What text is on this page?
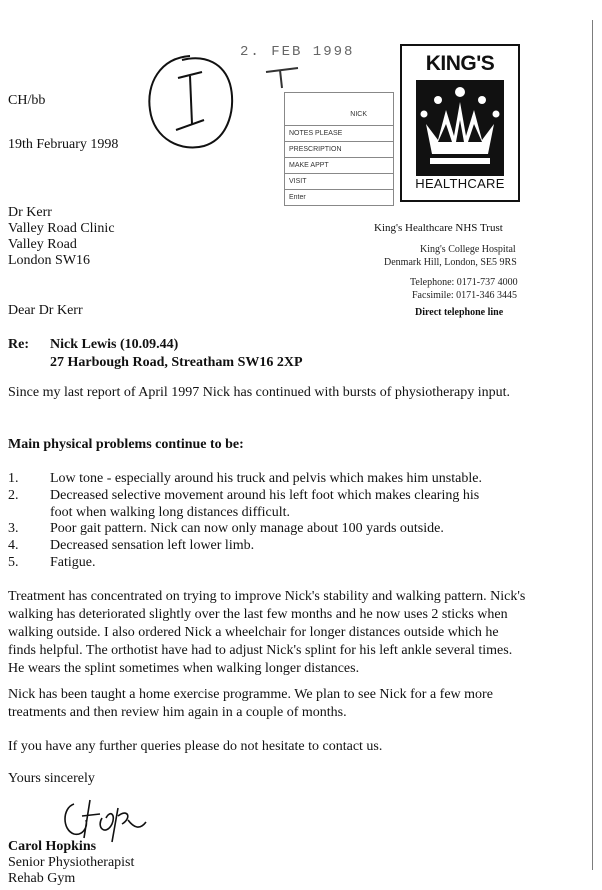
2. FEB 1998
NICK
NOTES PLEASE
PRESCRIPTION
MAKE APPT
VISIT
Enter
KING'S
HEALTHCARE
CH/bb
19th February 1998
Dr Kerr
Valley Road Clinic
Valley Road
London SW16
King's Healthcare NHS Trust
King's College Hospital
Denmark Hill, London, SE5 9RS
Telephone: 0171-737 4000
Facsimile: 0171-346 3445
Direct telephone line
Dear Dr Kerr
Re: Nick Lewis (10.09.44)
27 Harbough Road, Streatham SW16 2XP
Since my last report of April 1997 Nick has continued with bursts of physiotherapy input.
Main physical problems continue to be:
1. Low tone - especially around his truck and pelvis which makes him unstable.
2. Decreased selective movement around his left foot which makes clearing his foot when walking long distances difficult.
3. Poor gait pattern. Nick can now only manage about 100 yards outside.
4. Decreased sensation left lower limb.
5. Fatigue.
Treatment has concentrated on trying to improve Nick's stability and walking pattern. Nick's walking has deteriorated slightly over the last few months and he now uses 2 sticks when walking outside. I also ordered Nick a wheelchair for longer distances outside which he finds helpful. The orthotist have had to adjust Nick's splint for his left ankle several times. He wears the splint sometimes when walking longer distances.
Nick has been taught a home exercise programme. We plan to see Nick for a few more treatments and then review him again in a couple of months.
If you have any further queries please do not hesitate to contact us.
Yours sincerely
Carol Hopkins
Senior Physiotherapist
Rehab Gym
